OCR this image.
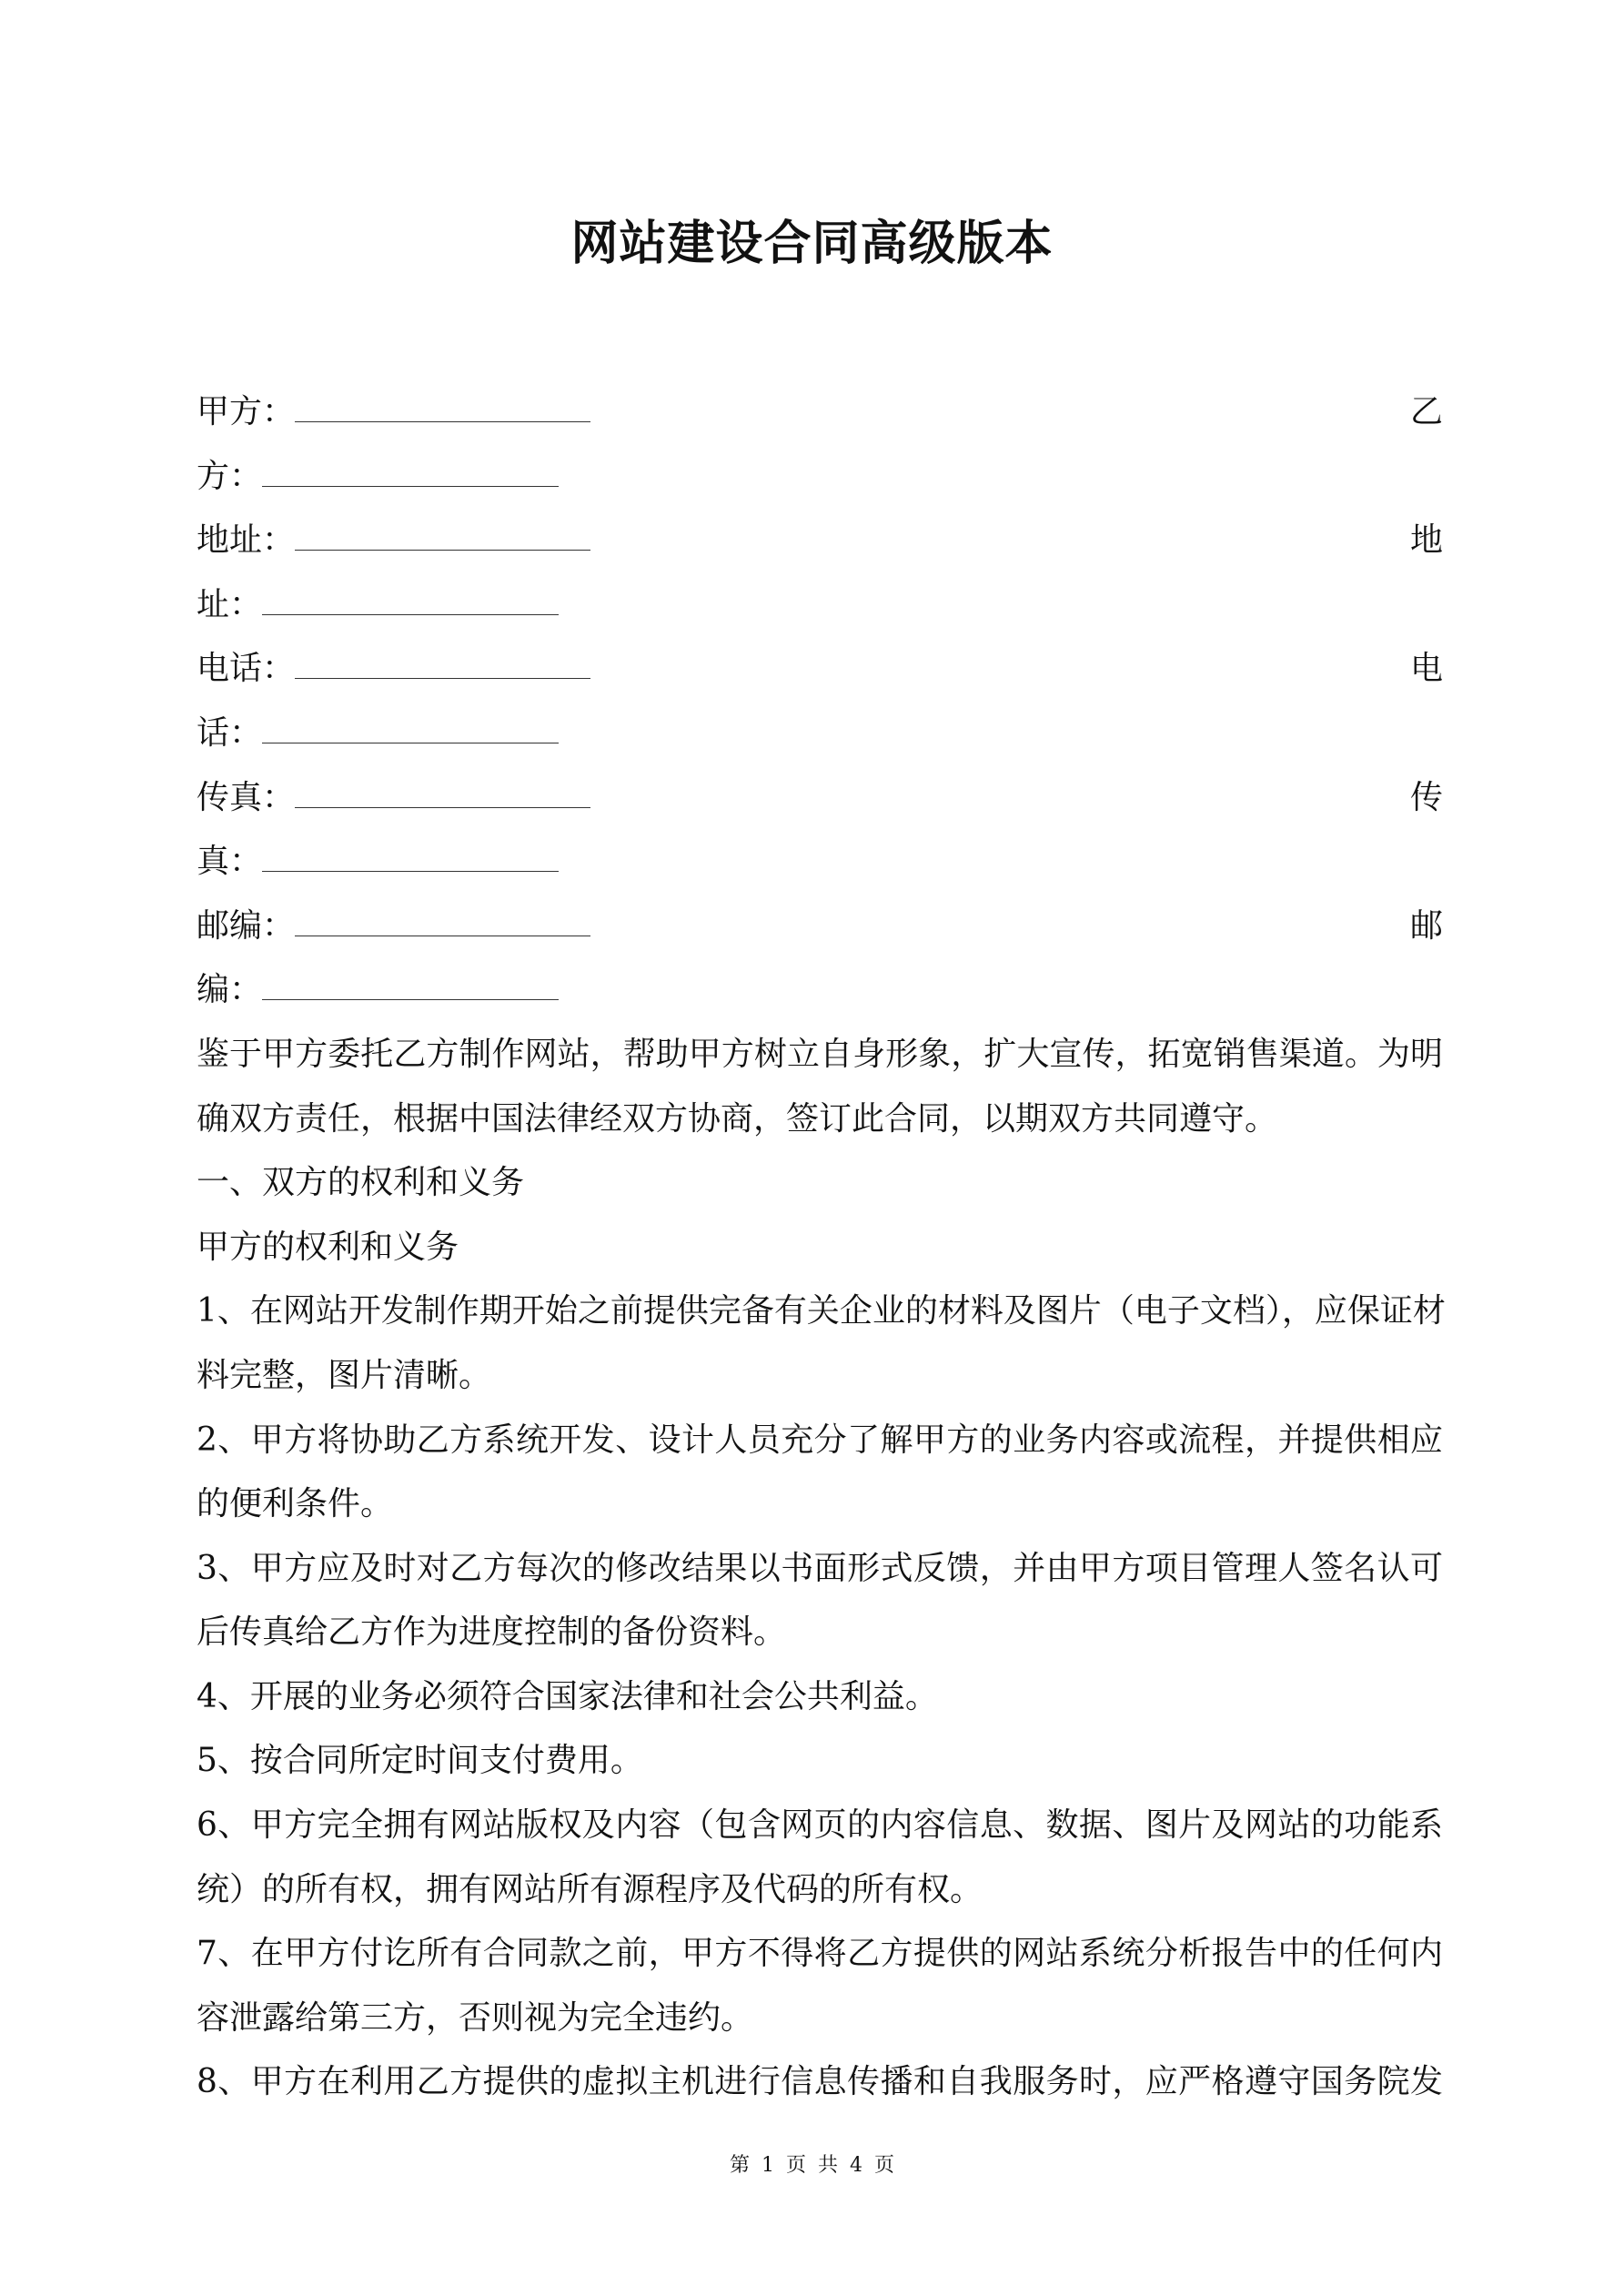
网站建设合同高级版本
甲方：	乙
方：
地址：	地
址：
电话：	电
话：
传真：	传
真：
邮编：	邮
编：
鉴于甲方委托乙方制作网站，帮助甲方树立自身形象，扩大宣传，拓宽销售渠道。为明
确双方责任，根据中国法律经双方协商，签订此合同，以期双方共同遵守。
一、双方的权利和义务
甲方的权利和义务
1、在网站开发制作期开始之前提供完备有关企业的材料及图片（电子文档），应保证材
料完整，图片清晰。
2、甲方将协助乙方系统开发、设计人员充分了解甲方的业务内容或流程，并提供相应
的便利条件。
3、甲方应及时对乙方每次的修改结果以书面形式反馈，并由甲方项目管理人签名认可
后传真给乙方作为进度控制的备份资料。
4、开展的业务必须符合国家法律和社会公共利益。
5、按合同所定时间支付费用。
6、甲方完全拥有网站版权及内容（包含网页的内容信息、数据、图片及网站的功能系
统）的所有权，拥有网站所有源程序及代码的所有权。
7、在甲方付讫所有合同款之前，甲方不得将乙方提供的网站系统分析报告中的任何内
容泄露给第三方，否则视为完全违约。
8、甲方在利用乙方提供的虚拟主机进行信息传播和自我服务时，应严格遵守国务院发
第 1 页 共 4 页
